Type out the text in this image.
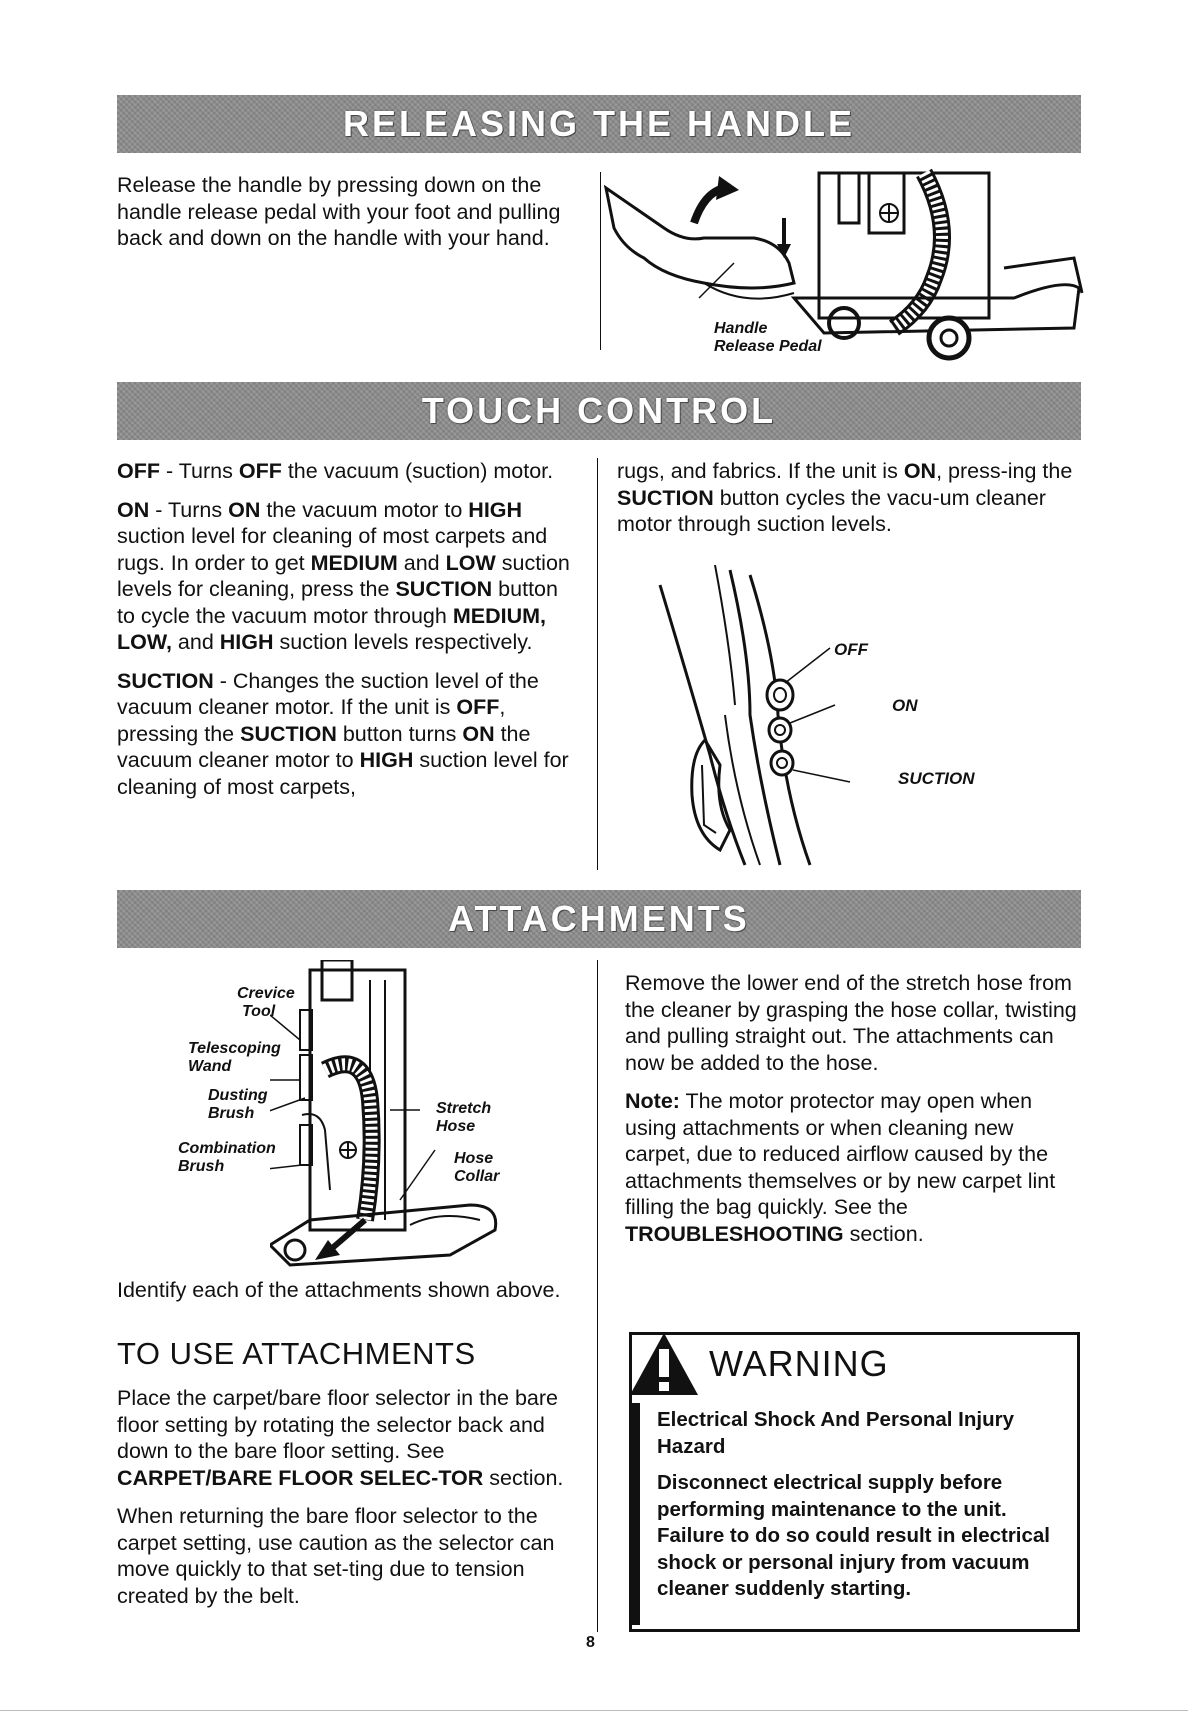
RELEASING THE HANDLE

Release the handle by pressing down on the handle release pedal with your foot and pulling back and down on the handle with your hand.

Handle
Release Pedal
TOUCH CONTROL

OFF - Turns OFF the vacuum (suction) motor.

ON - Turns ON the vacuum motor to HIGH suction level for cleaning of most carpets and rugs. In order to get MEDIUM and LOW suction levels for cleaning, press the SUCTION button to cycle the vacuum motor through MEDIUM, LOW, and HIGH suction levels respectively.

SUCTION - Changes the suction level of the vacuum cleaner motor. If the unit is OFF, pressing the SUCTION button turns ON the vacuum cleaner motor to HIGH suction level for cleaning of most carpets,

rugs, and fabrics. If the unit is ON, press-ing the SUCTION button cycles the vacu-um cleaner motor through suction levels.

OFF
ON
SUCTION
ATTACHMENTS
Crevice
Tool
Telescoping
Wand
Dusting
Brush
Combination
Brush
Stretch
Hose
Hose
Collar

Identify each of the attachments shown above.

TO USE ATTACHMENTS

Place the carpet/bare floor selector in the bare floor setting by rotating the selector back and down to the bare floor setting. See CARPET/BARE FLOOR SELEC-TOR section.

When returning the bare floor selector to the carpet setting, use caution as the selector can move quickly to that set-ting due to tension created by the belt.

Remove the lower end of the stretch hose from the cleaner by grasping the hose collar, twisting and pulling straight out. The attachments can now be added to the hose.

Note: The motor protector may open when using attachments or when cleaning new carpet, due to reduced airflow caused by the attachments themselves or by new carpet lint filling the bag quickly. See the TROUBLESHOOTING section.

WARNING

Electrical Shock And Personal Injury Hazard

Disconnect electrical supply before performing maintenance to the unit. Failure to do so could result in electrical shock or personal injury from vacuum cleaner suddenly starting.

8
